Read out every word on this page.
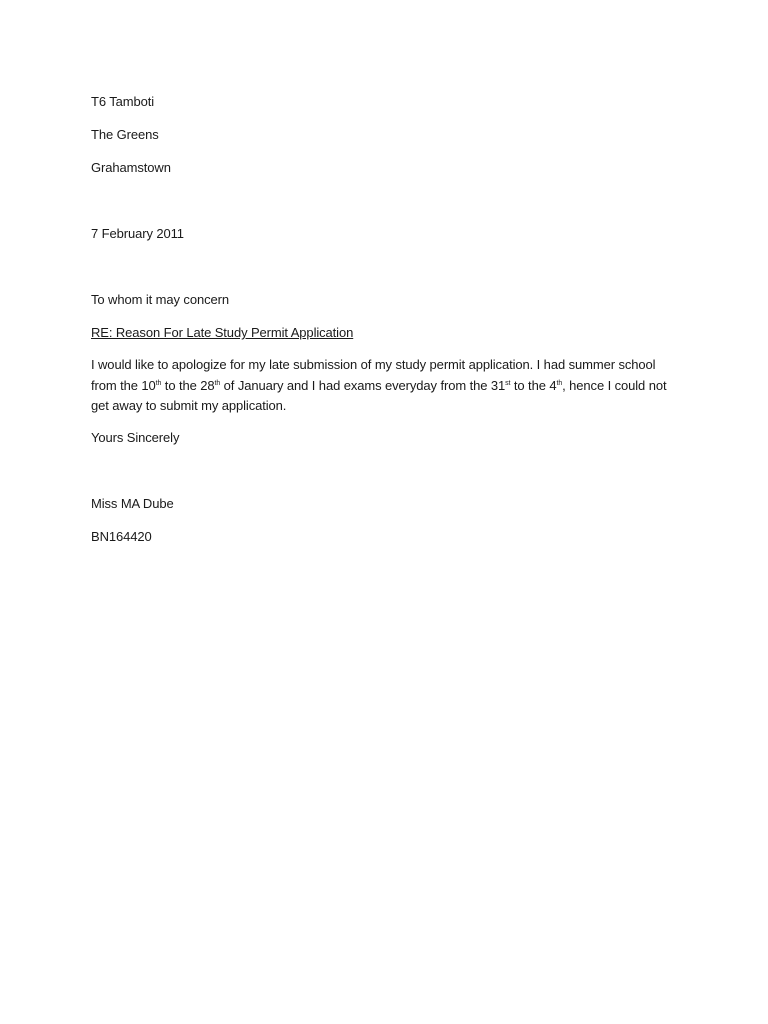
T6 Tamboti
The Greens
Grahamstown
7 February 2011
To whom it may concern
RE: Reason For Late Study Permit Application
I would like to apologize for my late submission of my study permit application. I had summer school from the 10th to the 28th of January and I had exams everyday from the 31st to the 4th, hence I could not get away to submit my application.
Yours Sincerely
Miss MA Dube
BN164420
